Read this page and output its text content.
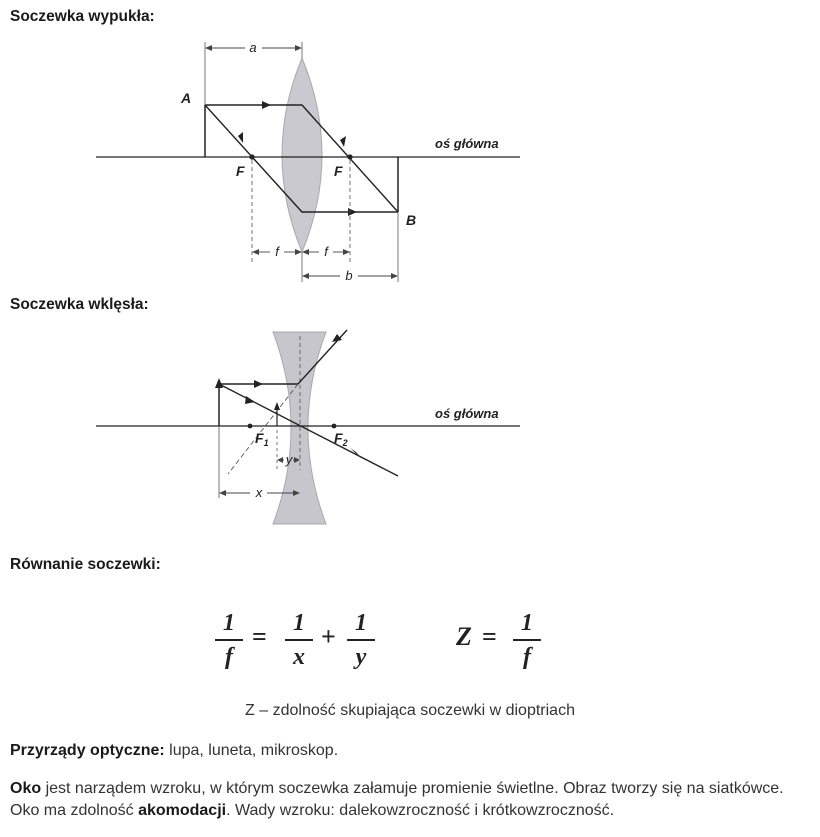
Soczewka wypukła:
a
f	f
b
A
B
F	F
oś główna
Soczewka wklęsła:
y
x
$F_1$	$F_2$
oś główna
Równanie soczewki:
1
f
=	1
x
+ 1
y
Z =	1
f
Z – zdolność skupiająca soczewki w dioptriach
Przyrządy optyczne: lupa, luneta, mikroskop.
Oko jest narządem wzroku, w którym soczewka załamuje promienie świetlne. Obraz tworzy się na siatkówce. Oko ma zdolność akomodacji. Wady wzroku: dalekowzroczność i krótkowzroczność.
